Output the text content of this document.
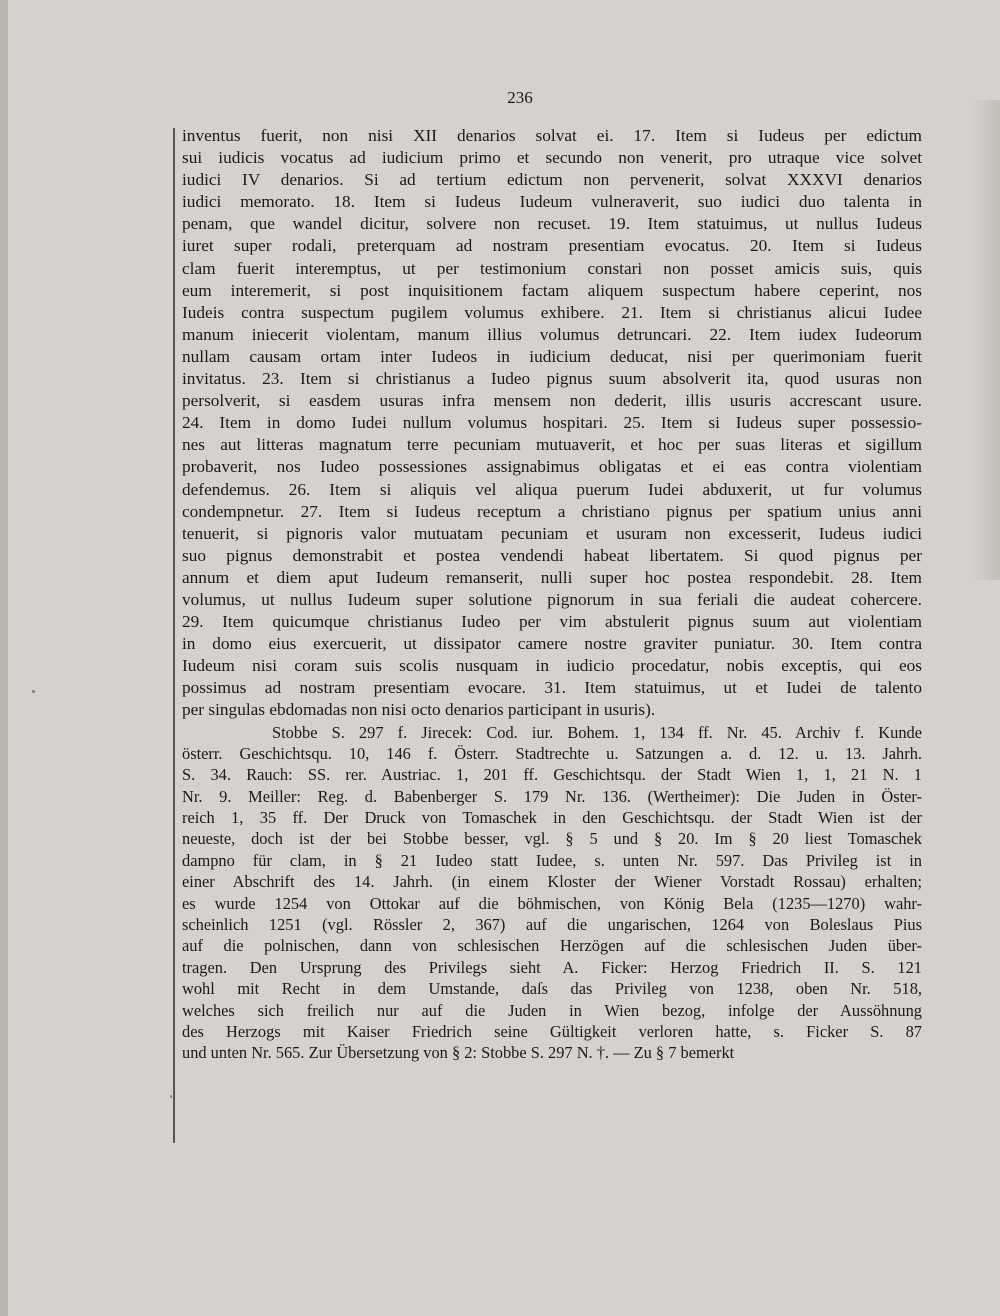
236
inventus fuerit, non nisi XII denarios solvat ei. 17. Item si Iudeus per edictum
sui iudicis vocatus ad iudicium primo et secundo non venerit, pro utraque vice solvet
iudici IV denarios. Si ad tertium edictum non pervenerit, solvat XXXVI denarios
iudici memorato. 18. Item si Iudeus Iudeum vulneraverit, suo iudici duo talenta in
penam, que wandel dicitur, solvere non recuset. 19. Item statuimus, ut nullus Iudeus
iuret super rodali, preterquam ad nostram presentiam evocatus. 20. Item si Iudeus
clam fuerit interemptus, ut per testimonium constari non posset amicis suis, quis
eum interemerit, si post inquisitionem factam aliquem suspectum habere ceperint, nos
Iudeis contra suspectum pugilem volumus exhibere. 21. Item si christianus alicui Iudee
manum iniecerit violentam, manum illius volumus detruncari. 22. Item iudex Iudeorum
nullam causam ortam inter Iudeos in iudicium deducat, nisi per querimoniam fuerit
invitatus. 23. Item si christianus a Iudeo pignus suum absolverit ita, quod usuras non
persolverit, si easdem usuras infra mensem non dederit, illis usuris accrescant usure.
24. Item in domo Iudei nullum volumus hospitari. 25. Item si Iudeus super possessio-
nes aut litteras magnatum terre pecuniam mutuaverit, et hoc per suas literas et sigillum
probaverit, nos Iudeo possessiones assignabimus obligatas et ei eas contra violentiam
defendemus. 26. Item si aliquis vel aliqua puerum Iudei abduxerit, ut fur volumus
condempnetur. 27. Item si Iudeus receptum a christiano pignus per spatium unius anni
tenuerit, si pignoris valor mutuatam pecuniam et usuram non excesserit, Iudeus iudici
suo pignus demonstrabit et postea vendendi habeat libertatem. Si quod pignus per
annum et diem aput Iudeum remanserit, nulli super hoc postea respondebit. 28. Item
volumus, ut nullus Iudeum super solutione pignorum in sua feriali die audeat cohercere.
29. Item quicumque christianus Iudeo per vim abstulerit pignus suum aut violentiam
in domo eius exercuerit, ut dissipator camere nostre graviter puniatur. 30. Item contra
Iudeum nisi coram suis scolis nusquam in iudicio procedatur, nobis exceptis, qui eos
possimus ad nostram presentiam evocare. 31. Item statuimus, ut et Iudei de talento
per singulas ebdomadas non nisi octo denarios participant in usuris).
Stobbe S. 297 f. Jirecek: Cod. iur. Bohem. 1, 134 ff. Nr. 45. Archiv f. Kunde
österr. Geschichtsqu. 10, 146 f. Österr. Stadtrechte u. Satzungen a. d. 12. u. 13. Jahrh.
S. 34. Rauch: SS. rer. Austriac. 1, 201 ff. Geschichtsqu. der Stadt Wien 1, 1, 21 N. 1
Nr. 9. Meiller: Reg. d. Babenberger S. 179 Nr. 136. (Wertheimer): Die Juden in Öster-
reich 1, 35 ff. Der Druck von Tomaschek in den Geschichtsqu. der Stadt Wien ist der
neueste, doch ist der bei Stobbe besser, vgl. § 5 und § 20. Im § 20 liest Tomaschek
dampno für clam, in § 21 Iudeo statt Iudee, s. unten Nr. 597. Das Privileg ist in
einer Abschrift des 14. Jahrh. (in einem Kloster der Wiener Vorstadt Rossau) erhalten;
es wurde 1254 von Ottokar auf die böhmischen, von König Bela (1235—1270) wahr-
scheinlich 1251 (vgl. Rössler 2, 367) auf die ungarischen, 1264 von Boleslaus Pius
auf die polnischen, dann von schlesischen Herzögen auf die schlesischen Juden über-
tragen. Den Ursprung des Privilegs sieht A. Ficker: Herzog Friedrich II. S. 121
wohl mit Recht in dem Umstande, daſs das Privileg von 1238, oben Nr. 518,
welches sich freilich nur auf die Juden in Wien bezog, infolge der Aussöhnung
des Herzogs mit Kaiser Friedrich seine Gültigkeit verloren hatte, s. Ficker S. 87
und unten Nr. 565. Zur Übersetzung von § 2: Stobbe S. 297 N. †. — Zu § 7 bemerkt
